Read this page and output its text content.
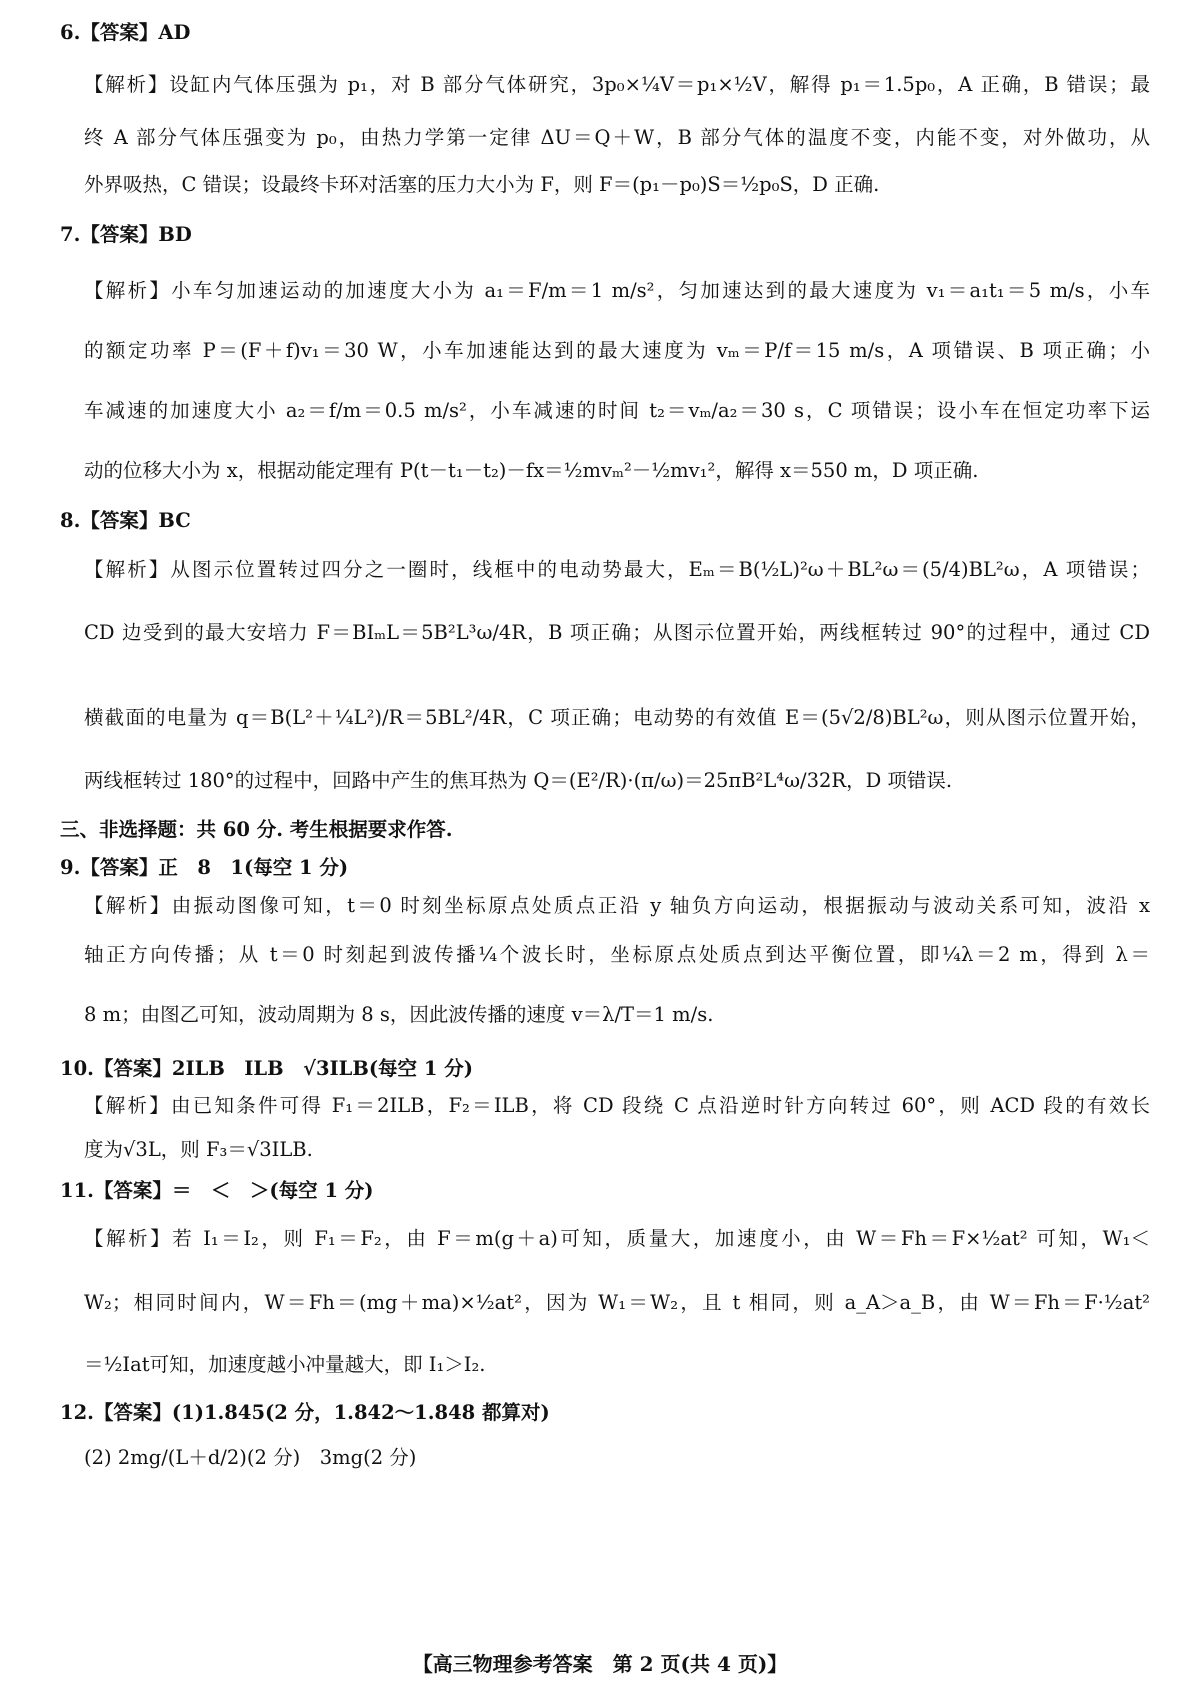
6.【答案】AD
【解析】设缸内气体压强为 p₁，对 B 部分气体研究，3p₀×¼V＝p₁×½V，解得 p₁＝1.5p₀，A 正确，B 错误；最
终 A 部分气体压强变为 p₀，由热力学第一定律 ΔU＝Q＋W，B 部分气体的温度不变，内能不变，对外做功，从
外界吸热，C 错误；设最终卡环对活塞的压力大小为 F，则 F＝(p₁－p₀)S＝½p₀S，D 正确.
7.【答案】BD
【解析】小车匀加速运动的加速度大小为 a₁＝F/m＝1 m/s²，匀加速达到的最大速度为 v₁＝a₁t₁＝5 m/s，小车
的额定功率 P＝(F＋f)v₁＝30 W，小车加速能达到的最大速度为 vₘ＝P/f＝15 m/s，A 项错误、B 项正确；小
车减速的加速度大小 a₂＝f/m＝0.5 m/s²，小车减速的时间 t₂＝vₘ/a₂＝30 s，C 项错误；设小车在恒定功率下运
动的位移大小为 x，根据动能定理有 P(t－t₁－t₂)－fx＝½mvₘ²－½mv₁²，解得 x＝550 m，D 项正确.
8.【答案】BC
【解析】从图示位置转过四分之一圈时，线框中的电动势最大，Eₘ＝B(½L)²ω＋BL²ω＝(5/4)BL²ω，A 项错误；
CD 边受到的最大安培力 F＝BIₘL＝5B²L³ω/4R，B 项正确；从图示位置开始，两线框转过 90°的过程中，通过 CD
横截面的电量为 q＝B(L²＋¼L²)/R＝5BL²/4R，C 项正确；电动势的有效值 E＝(5√2/8)BL²ω，则从图示位置开始，
两线框转过 180°的过程中，回路中产生的焦耳热为 Q＝(E²/R)·(π/ω)＝25πB²L⁴ω/32R，D 项错误.
三、非选择题：共 60 分. 考生根据要求作答.
9.【答案】正　8　1(每空 1 分)
【解析】由振动图像可知，t＝0 时刻坐标原点处质点正沿 y 轴负方向运动，根据振动与波动关系可知，波沿 x
轴正方向传播；从 t＝0 时刻起到波传播¼个波长时，坐标原点处质点到达平衡位置，即¼λ＝2 m，得到 λ＝
8 m；由图乙可知，波动周期为 8 s，因此波传播的速度 v＝λ/T＝1 m/s.
10.【答案】2ILB　ILB　√3ILB(每空 1 分)
【解析】由已知条件可得 F₁＝2ILB，F₂＝ILB，将 CD 段绕 C 点沿逆时针方向转过 60°，则 ACD 段的有效长
度为√3L，则 F₃＝√3ILB.
11.【答案】＝　＜　＞(每空 1 分)
【解析】若 I₁＝I₂，则 F₁＝F₂，由 F＝m(g＋a)可知，质量大，加速度小，由 W＝Fh＝F×½at² 可知，W₁＜
W₂；相同时间内，W＝Fh＝(mg＋ma)×½at²，因为 W₁＝W₂，且 t 相同，则 a_A＞a_B，由 W＝Fh＝F·½at²
＝½Iat可知，加速度越小冲量越大，即 I₁＞I₂.
12.【答案】(1)1.845(2 分，1.842～1.848 都算对)
(2) 2mg/(L＋d/2)(2 分)　3mg(2 分)
【高三物理参考答案　第 2 页(共 4 页)】
